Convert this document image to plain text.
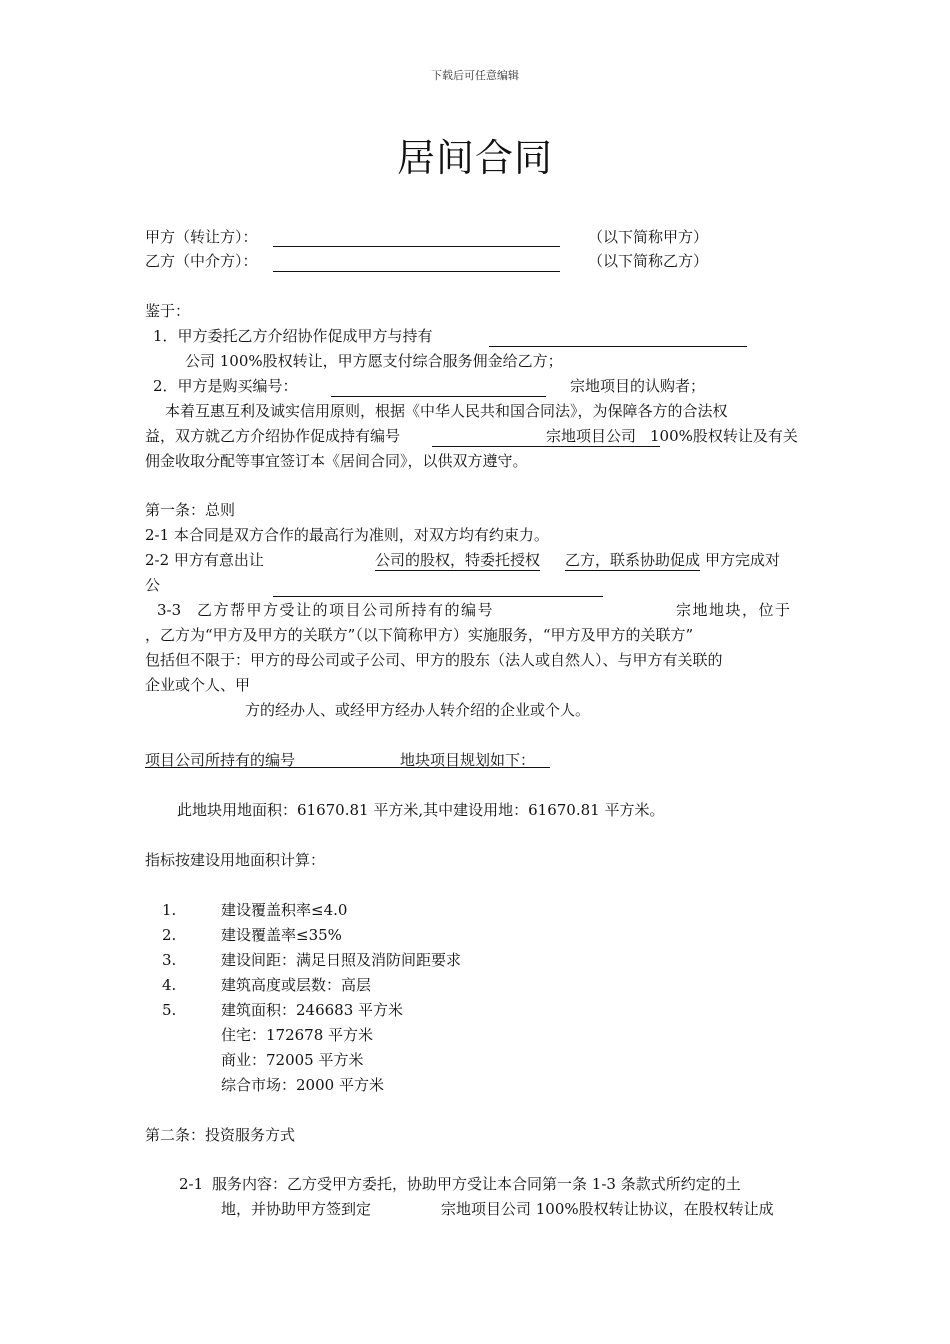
下载后可任意编辑
居间合同
甲方（转让方）：	（以下简称甲方）
乙方（中介方）：	（以下简称乙方）
鉴于：
1．甲方委托乙方介绍协作促成甲方与持有
公司 100%股权转让，甲方愿支付综合服务佣金给乙方；
2．甲方是购买编号：	宗地项目的认购者；
本着互惠互利及诚实信用原则，根据《中华人民共和国合同法》，为保障各方的合法权
益，双方就乙方介绍协作促成持有编号	宗地项目公司 100%股权转让及有关
佣金收取分配等事宜签订本《居间合同》，以供双方遵守。
第一条：总则
2-1 本合同是双方合作的最高行为准则，对双方均有约束力。
2-2 甲方有意出让	公司的股权，特委托授权 乙方，联系协助促成 甲方完成对
公
3-3 乙方帮甲方受让的项目公司所持有的编号	宗地地块，位于
，乙方为“甲方及甲方的关联方”（以下简称甲方）实施服务，“甲方及甲方的关联方”
包括但不限于：甲方的母公司或子公司、甲方的股东（法人或自然人）、与甲方有关联的
企业或个人、甲
方的经办人、或经甲方经办人转介绍的企业或个人。
项目公司所持有的编号	地块项目规划如下：
此地块用地面积：61670.81 平方米,其中建设用地：61670.81 平方米。
指标按建设用地面积计算：
1.	建设覆盖积率≤4.0
2.	建设覆盖率≤35%
3.	建设间距：满足日照及消防间距要求
4.	建筑高度或层数：高层
5.	建筑面积：246683 平方米
住宅：172678 平方米
商业：72005 平方米
综合市场：2000 平方米
第二条：投资服务方式
2-1 服务内容：乙方受甲方委托，协助甲方受让本合同第一条 1-3 条款式所约定的土
地，并协助甲方签到定	宗地项目公司 100%股权转让协议，在股权转让成
